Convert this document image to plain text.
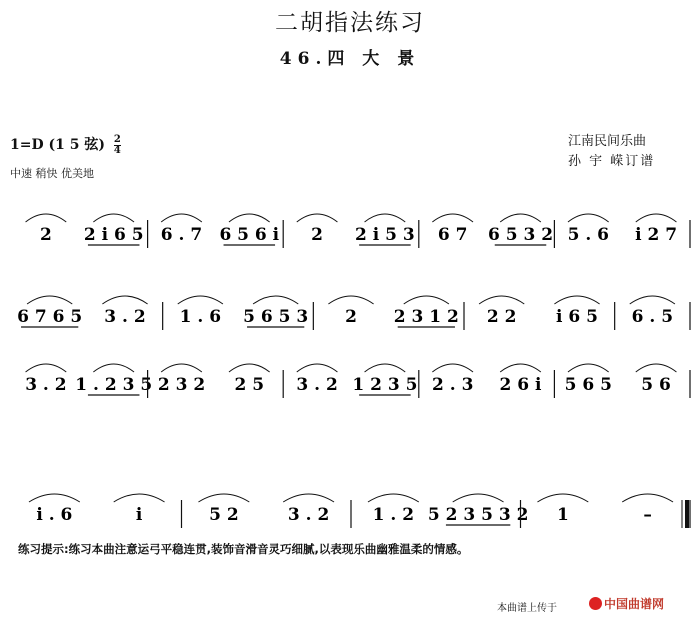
二胡指法练习
46.四 大 景
1=D (1 5 弦) $\frac{2}{4}$
中速 稍快 优美地
江南民间乐曲
孙 宇 嵘订谱
2 2 i 6 5 6 . 7 6 5 6 i 2 2 i 5 3 6 7 6 5 3 2 5 . 6 i 2 7
6 7 6 5 3 . 2 1 . 6 5 6 5 3 2 2 3 1 2 2 2 i 6 5 6 . 5
3 . 2 1 . 2 3 5 2 3 2 2 5 3 . 2 1 2 3 5 2 . 3 2 6 i 5 6 5 5 6
i . 6	i	5 2	3 . 2	1 . 2 5 2 3 5 3 2 1	–
练习提示:练习本曲注意运弓平稳连贯,装饰音滑音灵巧细腻,以表现乐曲幽雅温柔的情感。
本曲谱上传于	中国曲谱网
